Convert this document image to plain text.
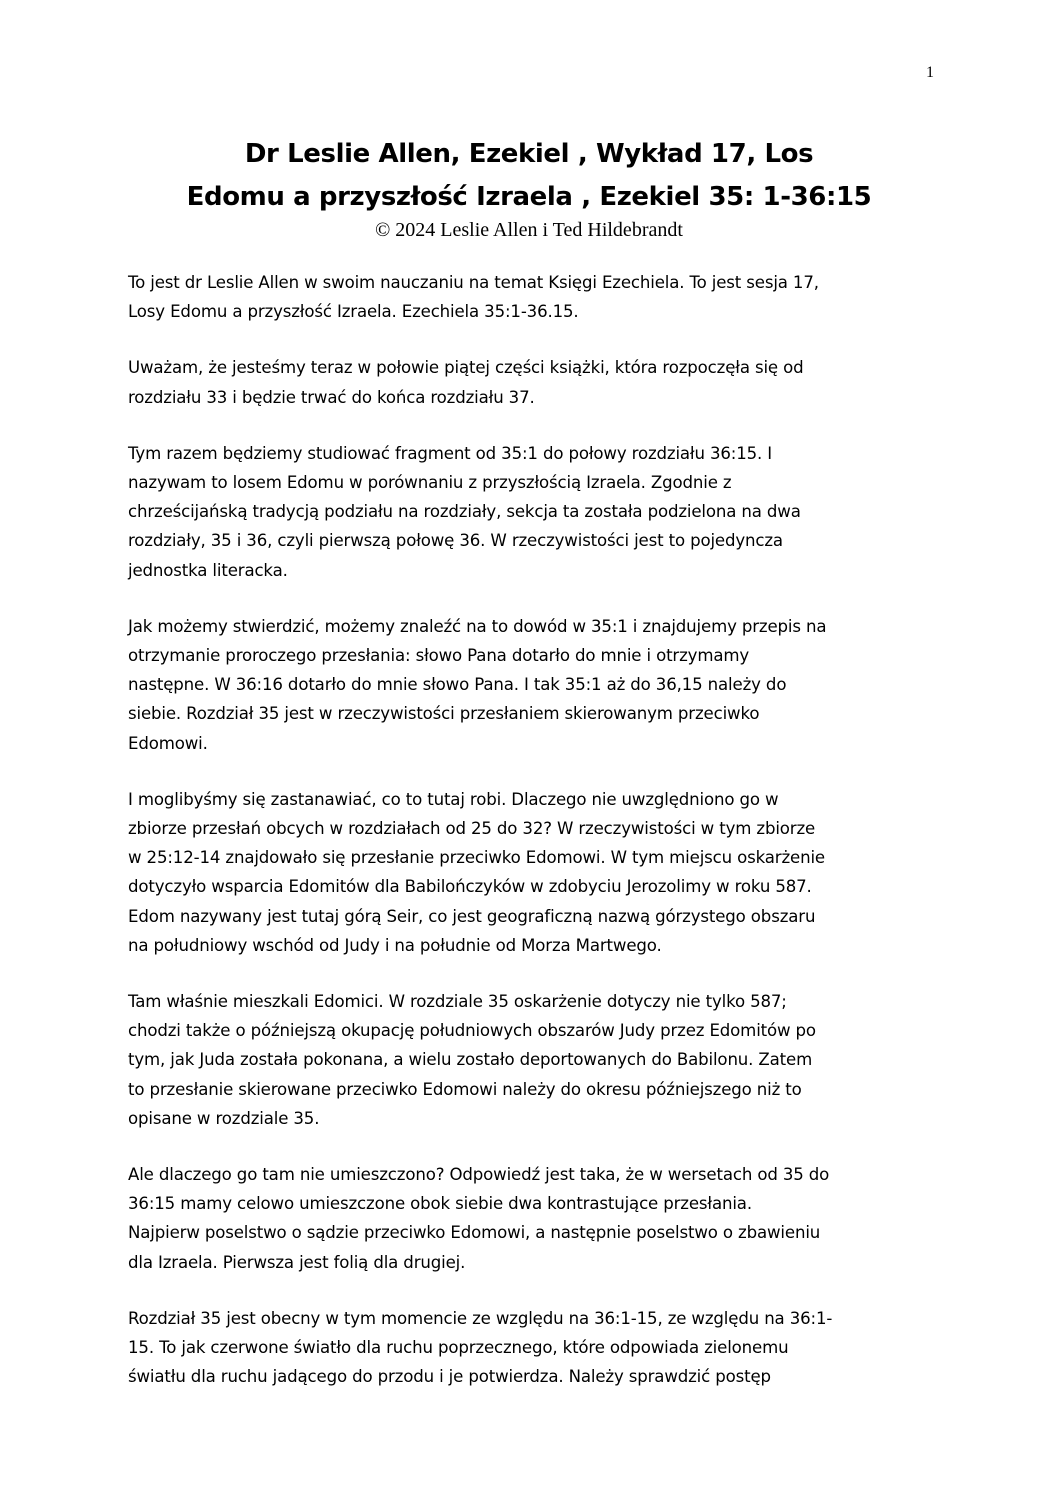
1
Dr Leslie Allen, Ezekiel , Wykład 17, Los
Edomu a przyszłość Izraela , Ezekiel 35: 1-36:15
© 2024 Leslie Allen i Ted Hildebrandt
To jest dr Leslie Allen w swoim nauczaniu na temat Księgi Ezechiela. To jest sesja 17,
Losy Edomu a przyszłość Izraela. Ezechiela 35:1-36.15.
Uważam, że jesteśmy teraz w połowie piątej części książki, która rozpoczęła się od
rozdziału 33 i będzie trwać do końca rozdziału 37.
Tym razem będziemy studiować fragment od 35:1 do połowy rozdziału 36:15. I
nazywam to losem Edomu w porównaniu z przyszłością Izraela. Zgodnie z
chrześcijańską tradycją podziału na rozdziały, sekcja ta została podzielona na dwa
rozdziały, 35 i 36, czyli pierwszą połowę 36. W rzeczywistości jest to pojedyncza
jednostka literacka.
Jak możemy stwierdzić, możemy znaleźć na to dowód w 35:1 i znajdujemy przepis na
otrzymanie proroczego przesłania: słowo Pana dotarło do mnie i otrzymamy
następne. W 36:16 dotarło do mnie słowo Pana. I tak 35:1 aż do 36,15 należy do
siebie. Rozdział 35 jest w rzeczywistości przesłaniem skierowanym przeciwko
Edomowi.
I moglibyśmy się zastanawiać, co to tutaj robi. Dlaczego nie uwzględniono go w
zbiorze przesłań obcych w rozdziałach od 25 do 32? W rzeczywistości w tym zbiorze
w 25:12-14 znajdowało się przesłanie przeciwko Edomowi. W tym miejscu oskarżenie
dotyczyło wsparcia Edomitów dla Babilończyków w zdobyciu Jerozolimy w roku 587.
Edom nazywany jest tutaj górą Seir, co jest geograficzną nazwą górzystego obszaru
na południowy wschód od Judy i na południe od Morza Martwego.
Tam właśnie mieszkali Edomici. W rozdziale 35 oskarżenie dotyczy nie tylko 587;
chodzi także o późniejszą okupację południowych obszarów Judy przez Edomitów po
tym, jak Juda została pokonana, a wielu zostało deportowanych do Babilonu. Zatem
to przesłanie skierowane przeciwko Edomowi należy do okresu późniejszego niż to
opisane w rozdziale 35.
Ale dlaczego go tam nie umieszczono? Odpowiedź jest taka, że w wersetach od 35 do
36:15 mamy celowo umieszczone obok siebie dwa kontrastujące przesłania.
Najpierw poselstwo o sądzie przeciwko Edomowi, a następnie poselstwo o zbawieniu
dla Izraela. Pierwsza jest folią dla drugiej.
Rozdział 35 jest obecny w tym momencie ze względu na 36:1-15, ze względu na 36:1-
15. To jak czerwone światło dla ruchu poprzecznego, które odpowiada zielonemu
światłu dla ruchu jadącego do przodu i je potwierdza. Należy sprawdzić postęp
